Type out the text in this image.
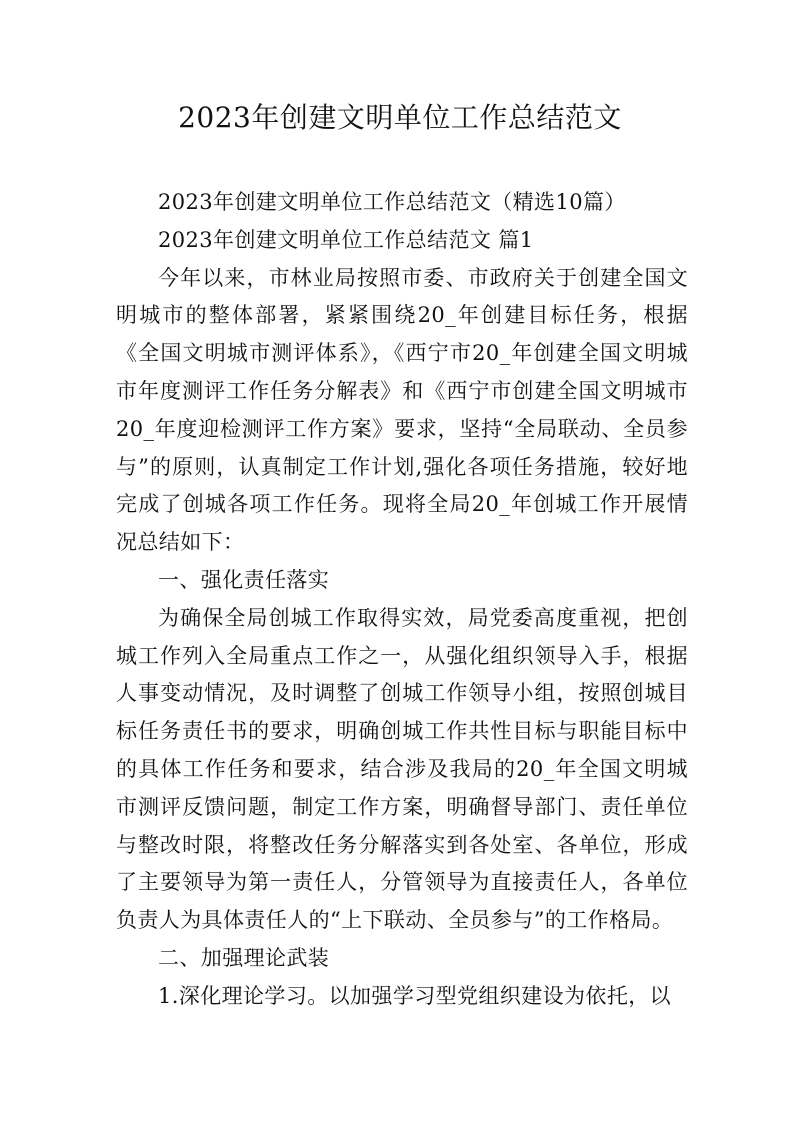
2023年创建文明单位工作总结范文

2023年创建文明单位工作总结范文（精选10篇）

2023年创建文明单位工作总结范文 篇1

今年以来，市林业局按照市委、市政府关于创建全国文明城市的整体部署，紧紧围绕20_年创建目标任务，根据《全国文明城市测评体系》，《西宁市20_年创建全国文明城市年度测评工作任务分解表》和《西宁市创建全国文明城市20_年度迎检测评工作方案》要求，坚持“全局联动、全员参与”的原则，认真制定工作计划,强化各项任务措施，较好地完成了创城各项工作任务。现将全局20_年创城工作开展情况总结如下：

一、强化责任落实

为确保全局创城工作取得实效，局党委高度重视，把创城工作列入全局重点工作之一，从强化组织领导入手，根据人事变动情况，及时调整了创城工作领导小组，按照创城目标任务责任书的要求，明确创城工作共性目标与职能目标中的具体工作任务和要求，结合涉及我局的20_年全国文明城市测评反馈问题，制定工作方案，明确督导部门、责任单位与整改时限，将整改任务分解落实到各处室、各单位，形成了主要领导为第一责任人，分管领导为直接责任人，各单位负责人为具体责任人的“上下联动、全员参与”的工作格局。

二、加强理论武装

1.深化理论学习。以加强学习型党组织建设为依托，以
